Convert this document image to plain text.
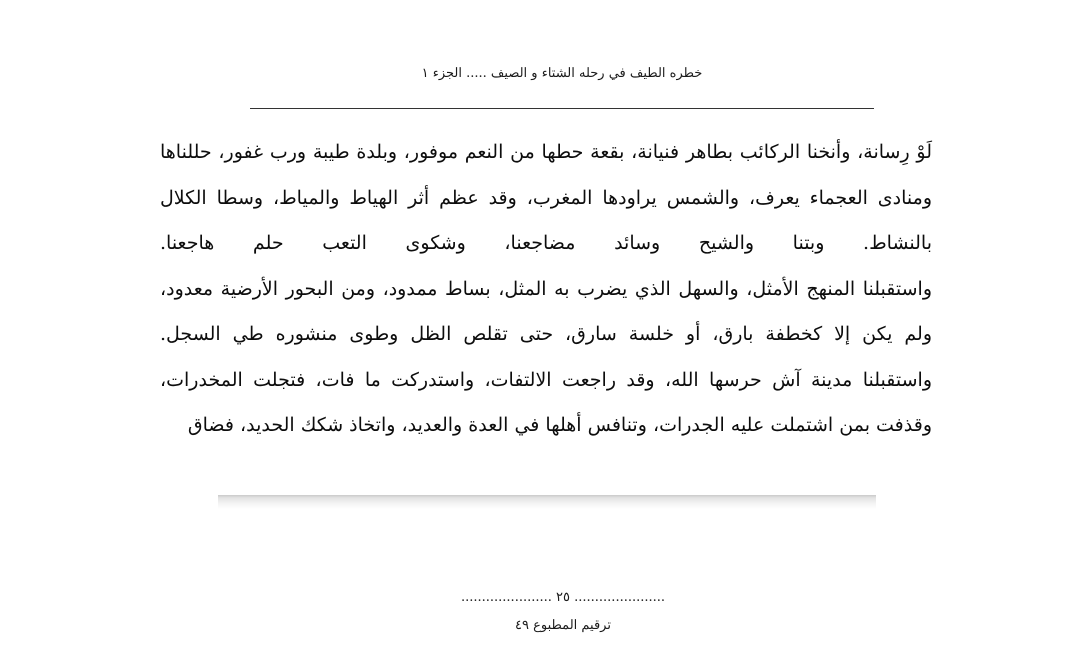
خطره الطيف في رحله الشتاء و الصيف ..... الجزء ١

لَوْ رِسانة، وأنخنا الركائب بطاهر فنيانة، بقعة حطها من النعم موفور، وبلدة طيبة ورب غفور، حللناها ومنادى العجماء يعرف، والشمس يراودها المغرب، وقد عظم أثر الهياط والمياط، وسطا الكلال بالنشاط. وبتنا والشيح وسائد مضاجعنا، وشكوى التعب حلم هاجعنا.

واستقبلنا المنهج الأمثل، والسهل الذي يضرب به المثل، بساط ممدود، ومن البحور الأرضية معدود، ولم يكن إلا كخطفة بارق، أو خلسة سارق، حتى تقلص الظل وطوى منشوره طي السجل.

واستقبلنا مدينة آش حرسها الله، وقد راجعت الالتفات، واستدركت ما فات، فتجلت المخدرات، وقذفت بمن اشتملت عليه الجدرات، وتنافس أهلها في العدة والعديد، واتخاذ شكك الحديد، فضاق

...................... ٢٥ ......................
ترقيم المطبوع ٤٩
